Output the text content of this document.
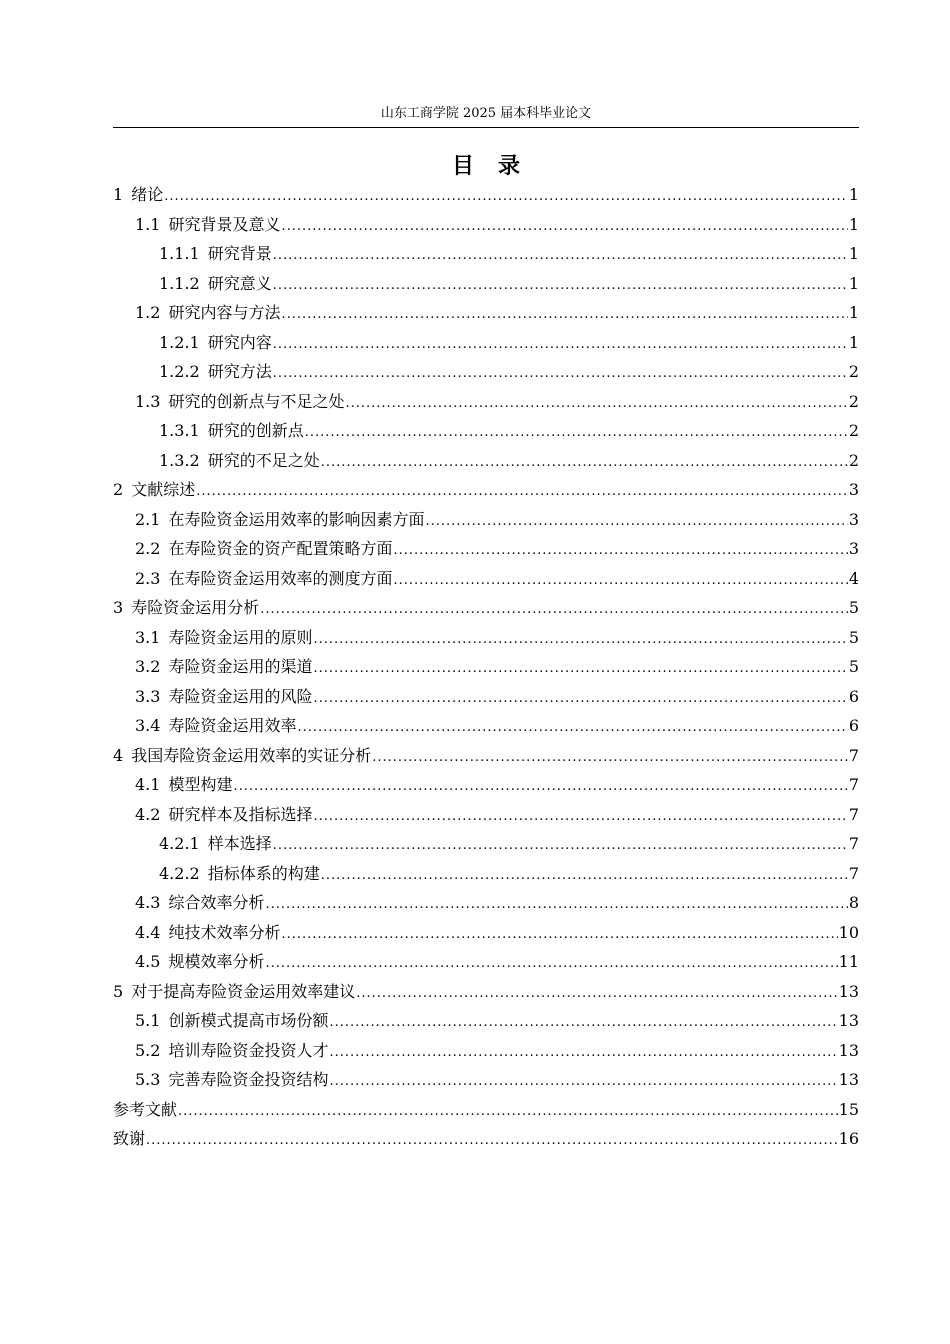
山东工商学院 2025 届本科毕业论文
目录
1 绪论 .....	1
1.1 研究背景及意义 .....	1
1.1.1 研究背景 .....	1
1.1.2 研究意义 .....	1
1.2 研究内容与方法 .....	1
1.2.1 研究内容 .....	1
1.2.2 研究方法 .....	2
1.3 研究的创新点与不足之处 .....	2
1.3.1 研究的创新点 .....	2
1.3.2 研究的不足之处 .....	2
2 文献综述 .....	3
2.1 在寿险资金运用效率的影响因素方面 .....	3
2.2 在寿险资金的资产配置策略方面 .....	3
2.3 在寿险资金运用效率的测度方面 .....	4
3 寿险资金运用分析 .....	5
3.1 寿险资金运用的原则 .....	5
3.2 寿险资金运用的渠道 .....	5
3.3 寿险资金运用的风险 .....	6
3.4 寿险资金运用效率 .....	6
4 我国寿险资金运用效率的实证分析 .....	7
4.1 模型构建 .....	7
4.2 研究样本及指标选择 .....	7
4.2.1 样本选择 .....	7
4.2.2 指标体系的构建 .....	7
4.3 综合效率分析 .....	8
4.4 纯技术效率分析 .....	10
4.5 规模效率分析 .....	11
5 对于提高寿险资金运用效率建议 .....	13
5.1 创新模式提高市场份额 .....	13
5.2 培训寿险资金投资人才 .....	13
5.3 完善寿险资金投资结构 .....	13
参考文献 .....	15
致谢 .....	16
